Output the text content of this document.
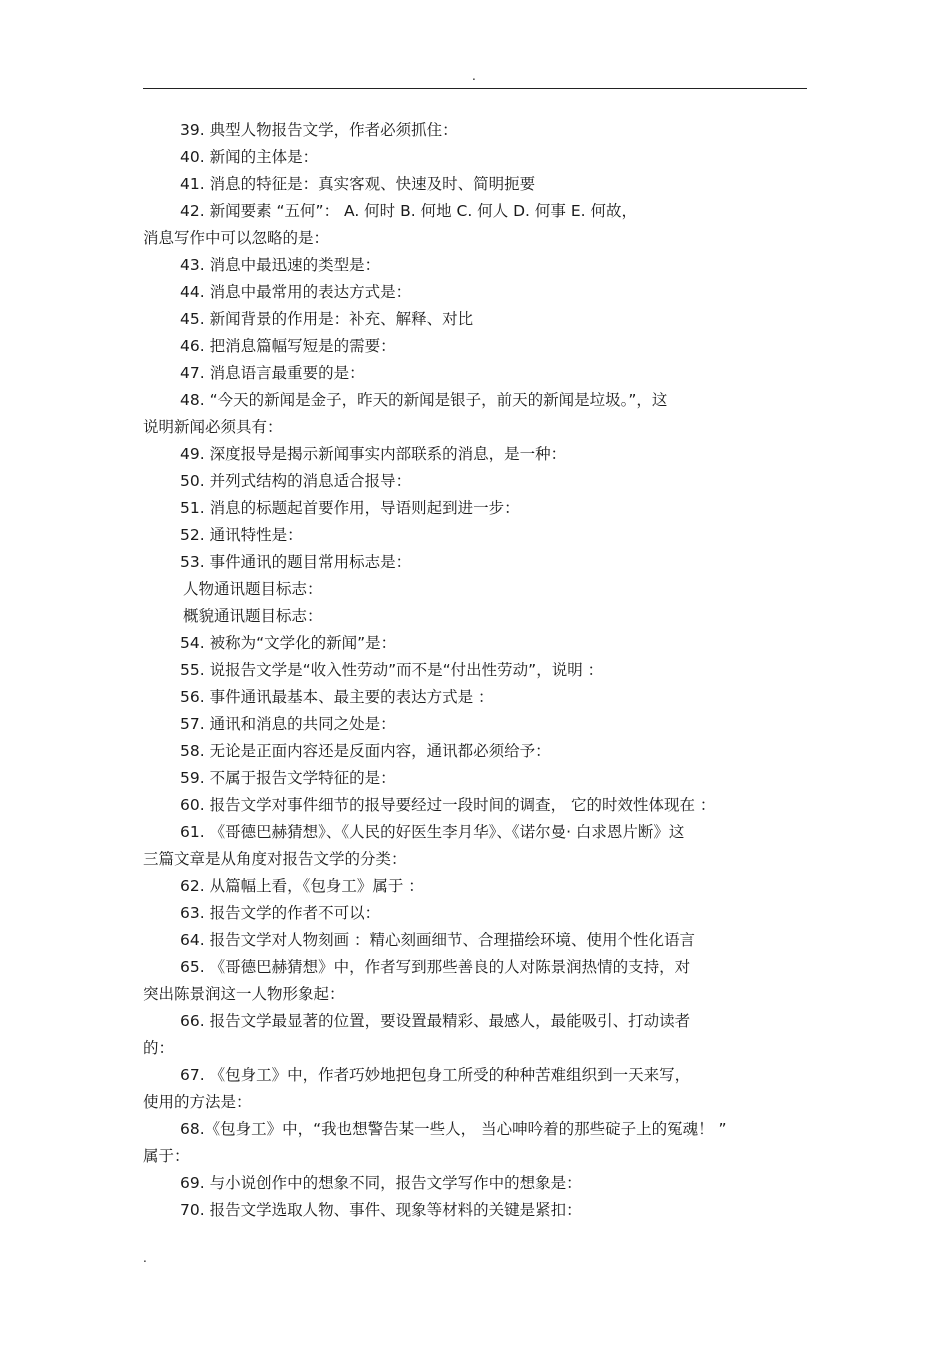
.
39. 典型人物报告文学，作者必须抓住：
40. 新闻的主体是：
41. 消息的特征是：真实客观、快速及时、简明扼要
42. 新闻要素 “五何”： A. 何时 B. 何地 C. 何人 D. 何事 E. 何故，
消息写作中可以忽略的是：
43. 消息中最迅速的类型是：
44. 消息中最常用的表达方式是：
45. 新闻背景的作用是：补充、解释、对比
46. 把消息篇幅写短是的需要：
47. 消息语言最重要的是：
48. “今天的新闻是金子，昨天的新闻是银子，前天的新闻是垃圾。”，这
说明新闻必须具有：
49. 深度报导是揭示新闻事实内部联系的消息，是一种：
50. 并列式结构的消息适合报导：
51. 消息的标题起首要作用，导语则起到进一步：
52. 通讯特性是：
53. 事件通讯的题目常用标志是：
人物通讯题目标志：
概貌通讯题目标志：
54. 被称为“文学化的新闻”是：
55. 说报告文学是“收入性劳动”而不是“付出性劳动”，说明 ：
56. 事件通讯最基本、最主要的表达方式是 ：
57. 通讯和消息的共同之处是：
58. 无论是正面内容还是反面内容，通讯都必须给予：
59. 不属于报告文学特征的是：
60. 报告文学对事件细节的报导要经过一段时间的调查， 它的时效性体现在 ：
61. 《哥德巴赫猜想》、《人民的好医生李月华》、《诺尔曼· 白求恩片断》这
三篇文章是从角度对报告文学的分类：
62. 从篇幅上看，《包身工》属于 ：
63. 报告文学的作者不可以：
64. 报告文学对人物刻画 ：精心刻画细节、合理描绘环境、使用个性化语言
65. 《哥德巴赫猜想》中，作者写到那些善良的人对陈景润热情的支持，对
突出陈景润这一人物形象起：
66. 报告文学最显著的位置，要设置最精彩、最感人，最能吸引、打动读者
的：
67. 《包身工》中，作者巧妙地把包身工所受的种种苦难组织到一天来写，
使用的方法是：
68.《包身工》中，“我也想警告某一些人， 当心呻吟着的那些碇子上的冤魂！ ”
属于：
69. 与小说创作中的想象不同，报告文学写作中的想象是：
70. 报告文学选取人物、事件、现象等材料的关键是紧扣：
.
